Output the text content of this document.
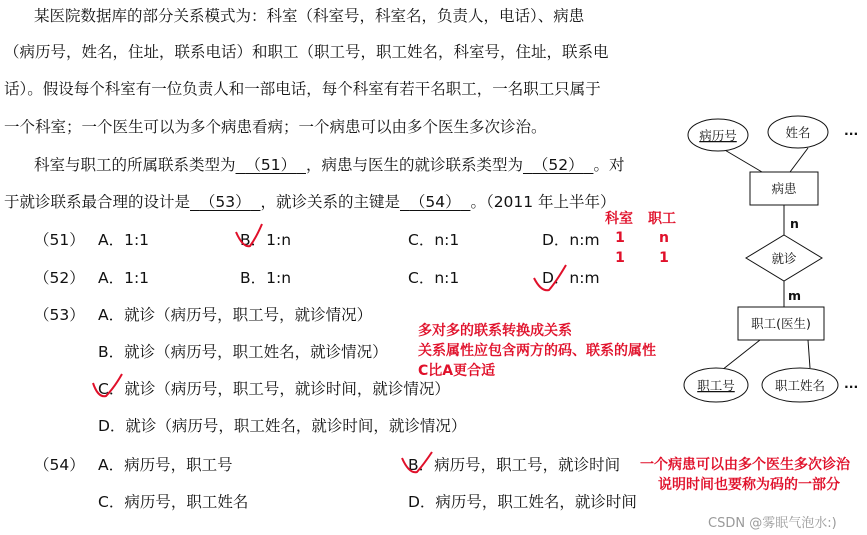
某医院数据库的部分关系模式为：科室（科室号，科室名，负责人，电话）、病患
（病历号，姓名，住址，联系电话）和职工（职工号，职工姓名，科室号，住址，联系电
话）。假设每个科室有一位负责人和一部电话，每个科室有若干名职工，一名职工只属于
一个科室；一个医生可以为多个病患看病；一个病患可以由多个医生多次诊治。
科室与职工的所属联系类型为 （51） ，病患与医生的就诊联系类型为 （52） 。对
于就诊联系最合理的设计是 （53） ，就诊关系的主键是 （54） 。（2011 年上半年）
（51） A．1:1	B．1:n	C．n:1	D．n:m
（52） A．1:1	B．1:n	C．n:1	D．n:m
（53） A．就诊（病历号，职工号，就诊情况）
B．就诊（病历号，职工姓名，就诊情况）
C．就诊（病历号，职工号，就诊时间，就诊情况）
D．就诊（病历号，职工姓名，就诊时间，就诊情况）
（54） A．病历号，职工号	B．病历号，职工号，就诊时间
C．病历号，职工姓名	D．病历号，职工姓名，就诊时间
科室 职工
1	n
1	1
多对多的联系转换成关系
关系属性应包含两方的码、联系的属性
C比A更合适
一个病患可以由多个医生多次诊治
说明时间也要称为码的一部分
病历号	姓名	...
病患
n
就诊
m
职工(医生)
职工号	职工姓名 ...
CSDN @雾眠气泡水:)
